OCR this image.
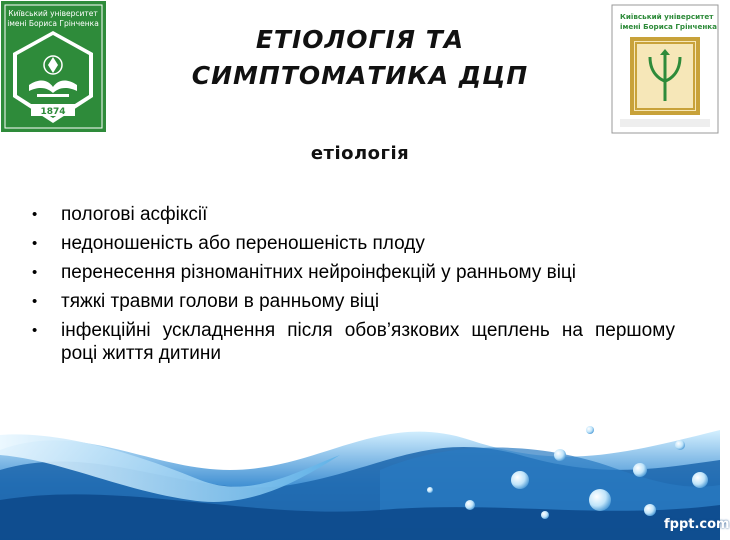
Київський університет
імені Бориса Грінченка
1874
Київський університет
імені Бориса Грінченка
ЕТІОЛОГІЯ ТА
СИМПТОМАТИКА ДЦП
етіологія
• пологові асфіксії
• недоношеність або переношеність плоду
• перенесення різноманітних нейроінфекцій у ранньому віці
• тяжкі травми голови в ранньому віці
• інфекційні ускладнення після обов’язкових щеплень на першому році життя дитини
fppt.com
